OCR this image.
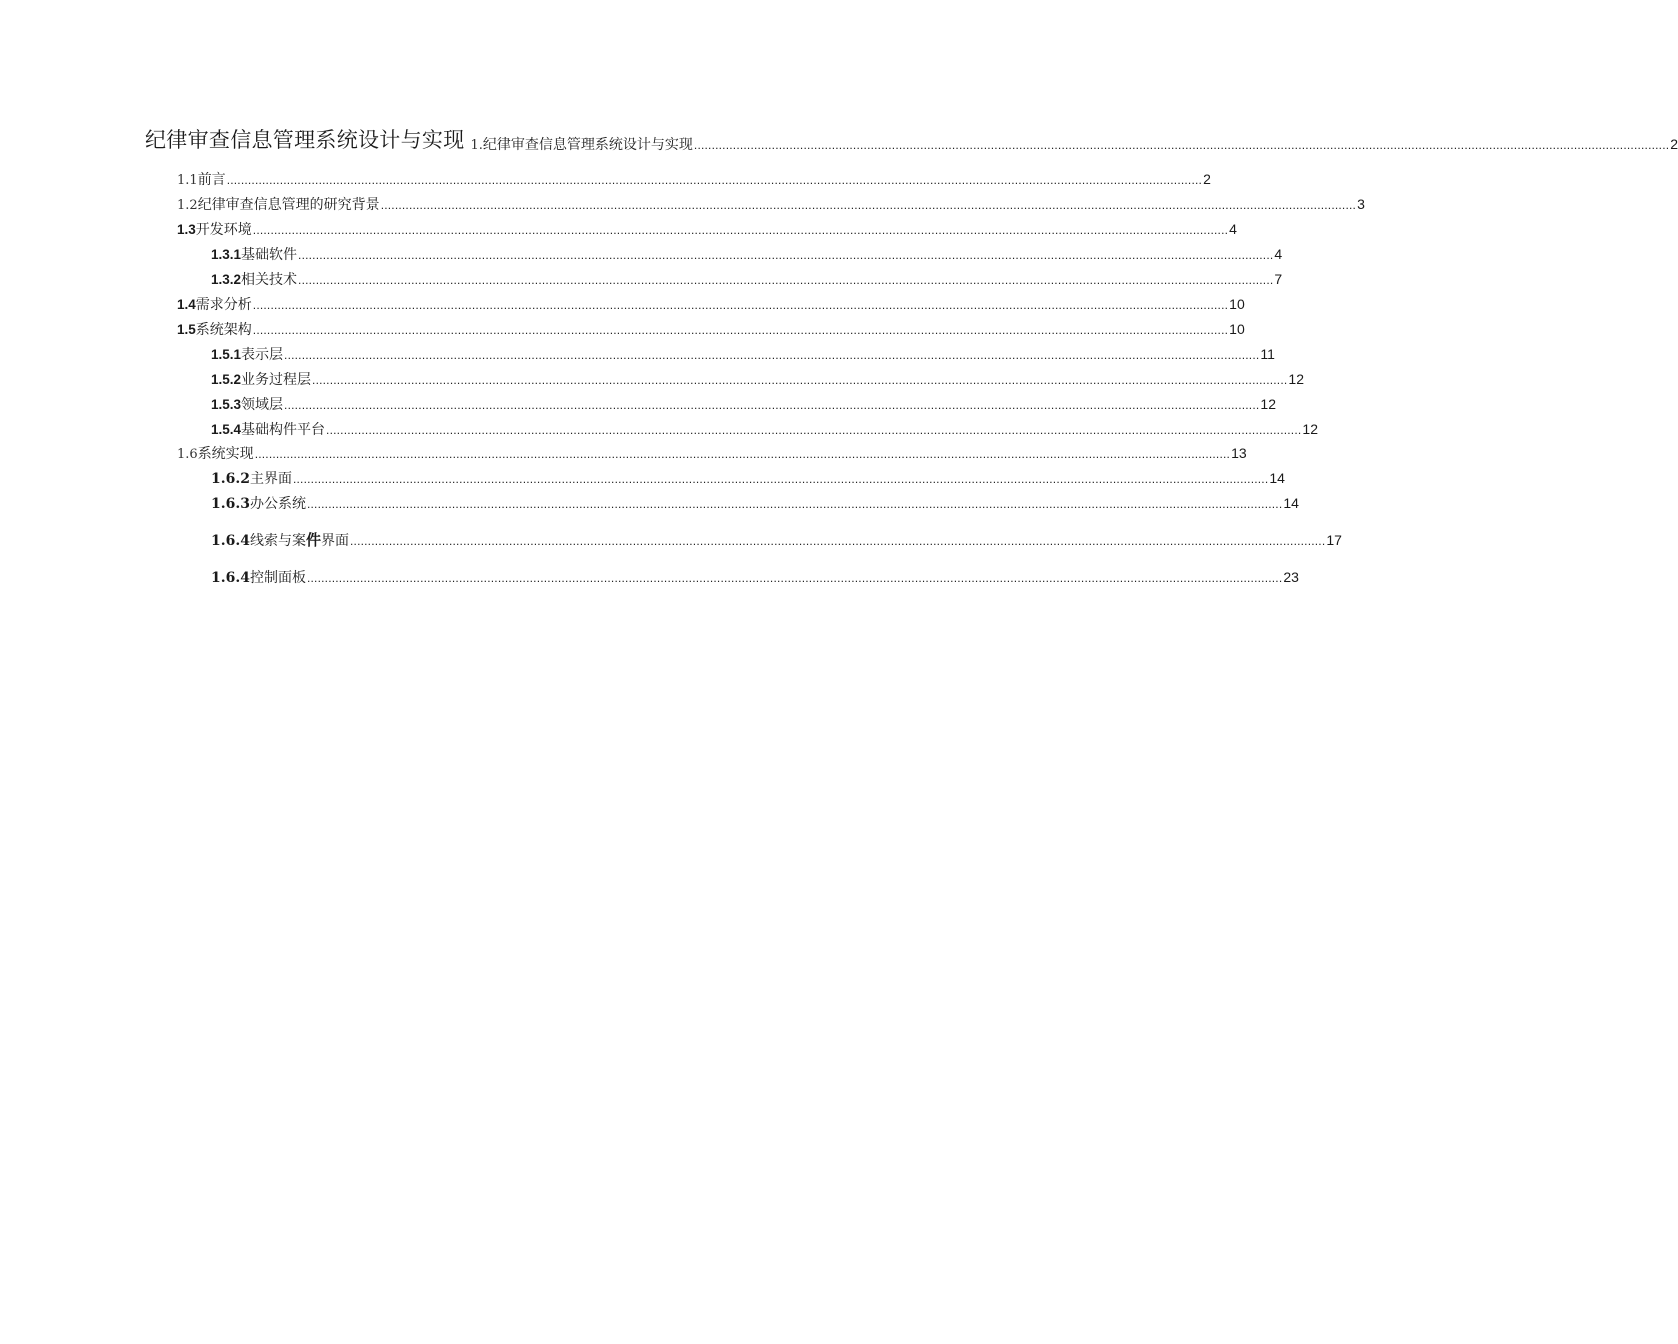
纪律审查信息管理系统设计与实现 1. 纪律审查信息管理系统设计与实现 .....	2
1.1 前言 .....	2
1.2 纪律审查信息管理的研究背景 .....	3
1.3 开发环境 .....	4
1.3.1 基础软件 .....	4
1.3.2 相关技术 .....	7
1.4 需求分析 .....	10
1.5 系统架构 .....	10
1.5.1 表示层 .....	11
1.5.2 业务过程层 .....	12
1.5.3 领域层 .....	12
1.5.4 基础构件平台 .....	12
1.6 系统实现 .....	13
1.6.2 主界面 .....	14
1.6.3 办公系统 .....	14
1.6.4 线索与案件界面 .....	17
1.6.4 控制面板 .....	23
